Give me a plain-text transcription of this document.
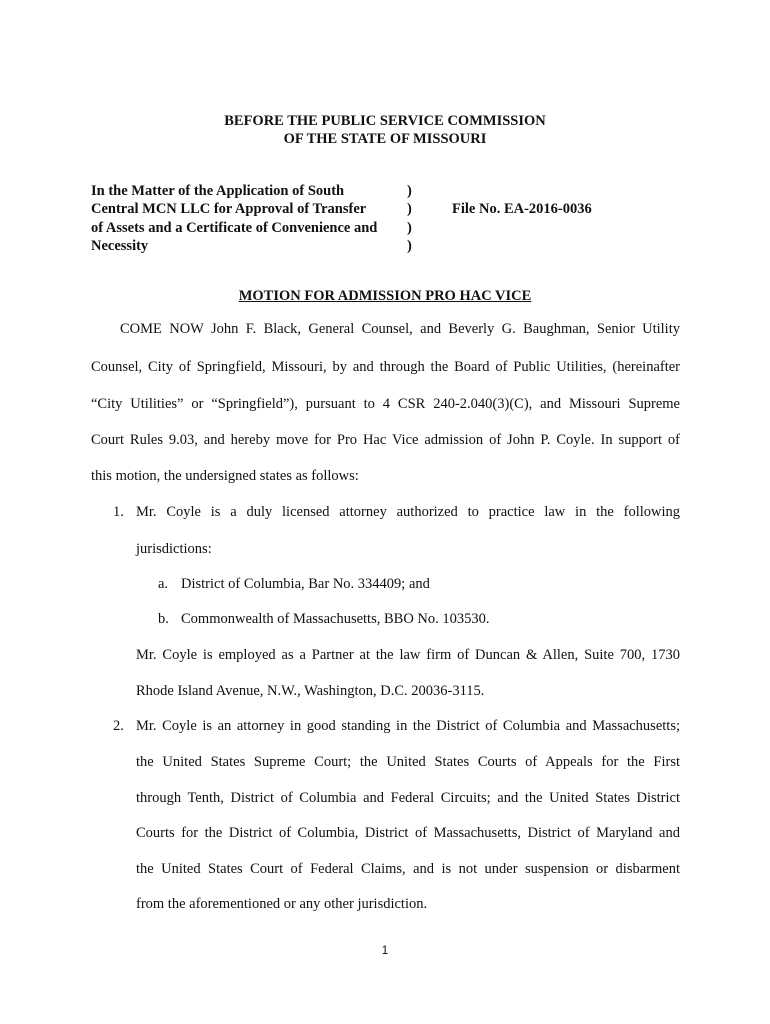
BEFORE THE PUBLIC SERVICE COMMISSION
OF THE STATE OF MISSOURI
In the Matter of the Application of South
Central MCN LLC for Approval of Transfer
of Assets and a Certificate of Convenience and
Necessity
)
)
)
)
File No. EA-2016-0036
MOTION FOR ADMISSION PRO HAC VICE
COME NOW John F. Black, General Counsel, and Beverly G. Baughman, Senior Utility
Counsel, City of Springfield, Missouri, by and through the Board of Public Utilities, (hereinafter
“City Utilities” or “Springfield”), pursuant to 4 CSR 240-2.040(3)(C), and Missouri Supreme
Court Rules 9.03, and hereby move for Pro Hac Vice admission of John P. Coyle. In support of
this motion, the undersigned states as follows:
1. Mr. Coyle is a duly licensed attorney authorized to practice law in the following
jurisdictions:
a. District of Columbia, Bar No. 334409; and
b. Commonwealth of Massachusetts, BBO No. 103530.
Mr. Coyle is employed as a Partner at the law firm of Duncan & Allen, Suite 700, 1730
Rhode Island Avenue, N.W., Washington, D.C. 20036-3115.
2. Mr. Coyle is an attorney in good standing in the District of Columbia and Massachusetts;
the United States Supreme Court; the United States Courts of Appeals for the First
through Tenth, District of Columbia and Federal Circuits; and the United States District
Courts for the District of Columbia, District of Massachusetts, District of Maryland and
the United States Court of Federal Claims, and is not under suspension or disbarment
from the aforementioned or any other jurisdiction.
1
